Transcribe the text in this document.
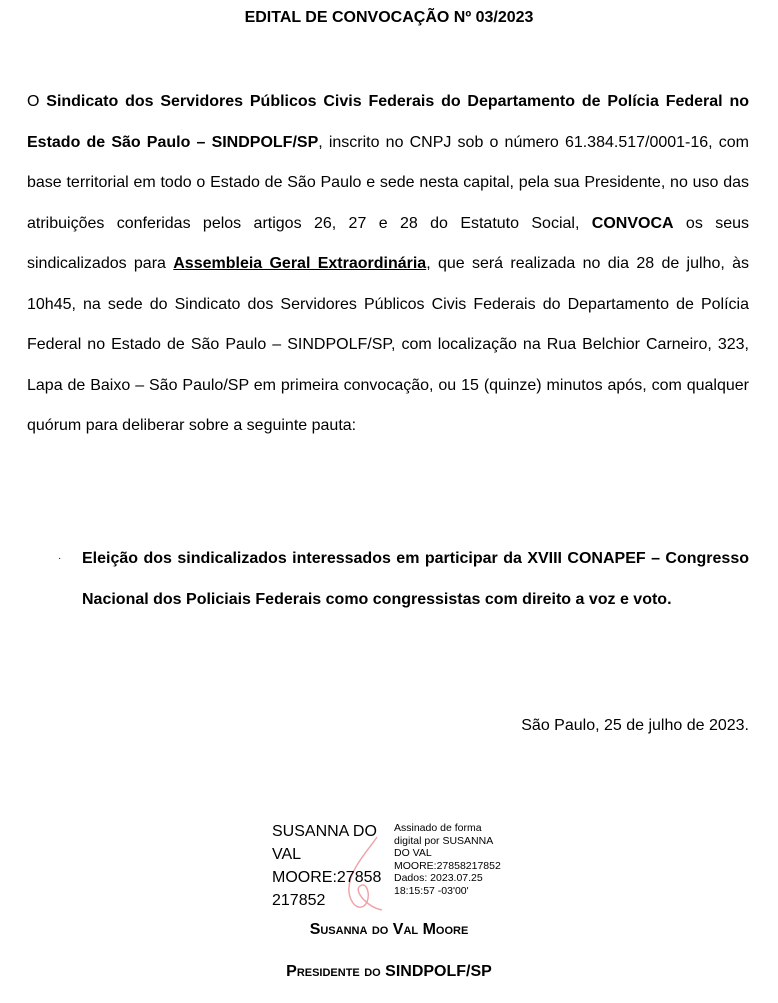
EDITAL DE CONVOCAÇÃO Nº 03/2023

O Sindicato dos Servidores Públicos Civis Federais do Departamento de Polícia Federal no Estado de São Paulo – SINDPOLF/SP, inscrito no CNPJ sob o número 61.384.517/0001-16, com base territorial em todo o Estado de São Paulo e sede nesta capital, pela sua Presidente, no uso das atribuições conferidas pelos artigos 26, 27 e 28 do Estatuto Social, CONVOCA os seus sindicalizados para Assembleia Geral Extraordinária, que será realizada no dia 28 de julho, às 10h45, na sede do Sindicato dos Servidores Públicos Civis Federais do Departamento de Polícia Federal no Estado de São Paulo – SINDPOLF/SP, com localização na Rua Belchior Carneiro, 323, Lapa de Baixo – São Paulo/SP em primeira convocação, ou 15 (quinze) minutos após, com qualquer quórum para deliberar sobre a seguinte pauta:

· Eleição dos sindicalizados interessados em participar da XVIII CONAPEF – Congresso Nacional dos Policiais Federais como congressistas com direito a voz e voto.

São Paulo, 25 de julho de 2023.

SUSANNA DO VAL MOORE:27858217852

Assinado de forma
digital por SUSANNA
DO VAL
MOORE:27858217852
Dados: 2023.07.25
18:15:57 -03'00'
Susanna do Val Moore
Presidente do SINDPOLF/SP
